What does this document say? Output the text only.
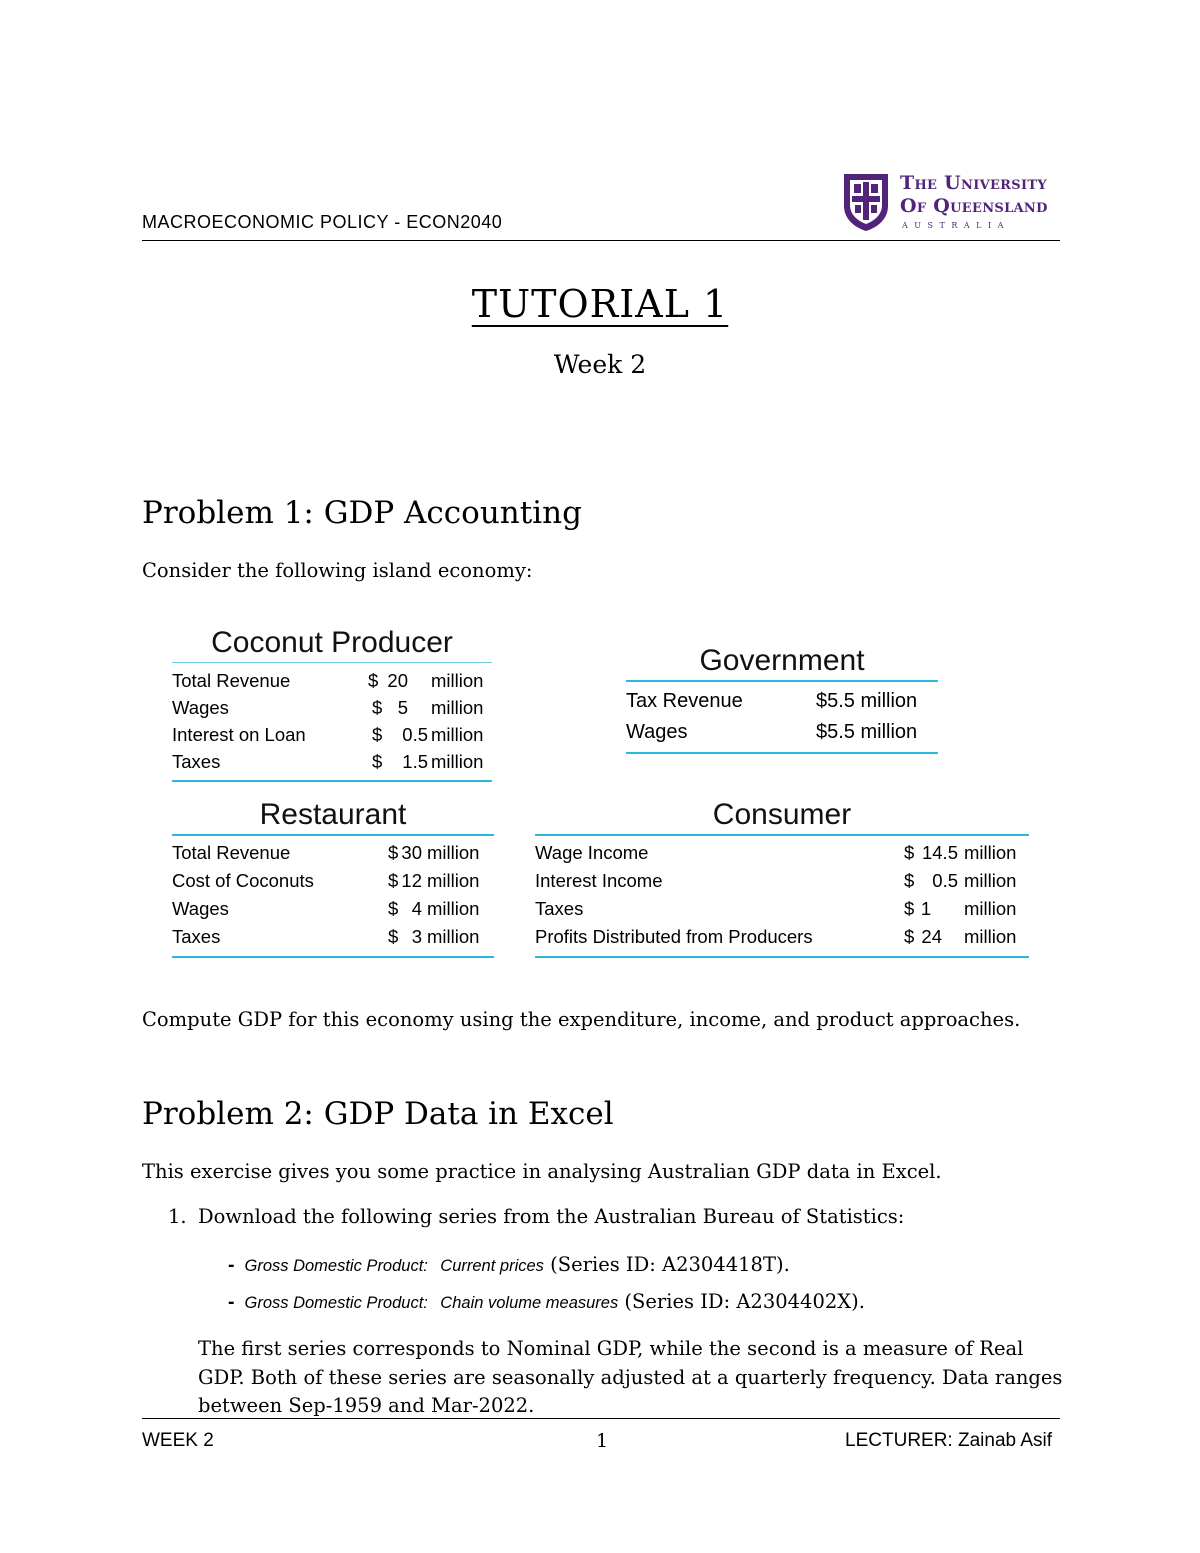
MACROECONOMIC POLICY - ECON2040
The University
Of Queensland
AUSTRALIA
TUTORIAL 1
Week 2
Problem 1: GDP Accounting
Consider the following island economy:
Coconut Producer
Total Revenue	$ 20 million
Wages	$ 5 million
Interest on Loan	$	0.5 million
Taxes	$	1.5 million
Government
Tax Revenue	$5.5 million
Wages	$5.5 million
Restaurant
Total Revenue	$ 30 million
Cost of Coconuts	$ 12 million
Wages	$ 4 million
Taxes	$ 3 million
Consumer
Wage Income	$ 14.5 million
Interest Income	$ 0.5 million
Taxes	$ 1	million
Profits Distributed from Producers	$ 24 million
Compute GDP for this economy using the expenditure, income, and product approaches.
Problem 2: GDP Data in Excel
This exercise gives you some practice in analysing Australian GDP data in Excel.
1. Download the following series from the Australian Bureau of Statistics:
- Gross Domestic Product: Current prices (Series ID: A2304418T).
- Gross Domestic Product: Chain volume measures (Series ID: A2304402X).
The first series corresponds to Nominal GDP, while the second is a measure of Real
GDP. Both of these series are seasonally adjusted at a quarterly frequency. Data ranges
between Sep-1959 and Mar-2022.
WEEK 2	1	LECTURER: Zainab Asif
